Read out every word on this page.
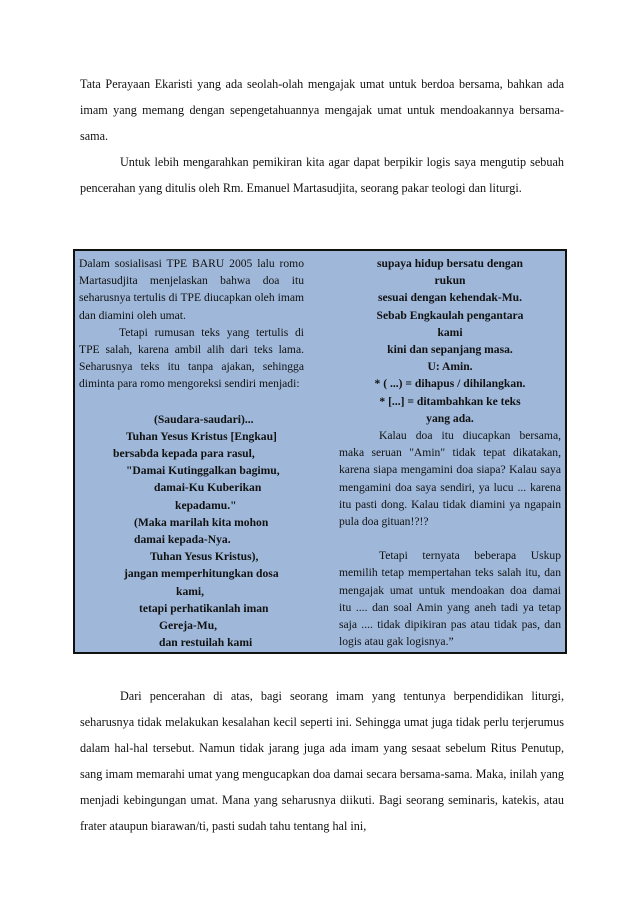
Tata Perayaan Ekaristi yang ada seolah-olah mengajak umat untuk berdoa bersama, bahkan ada imam yang memang dengan sepengetahuannya mengajak umat untuk mendoakannya bersama-sama.

Untuk lebih mengarahkan pemikiran kita agar dapat berpikir logis saya mengutip sebuah pencerahan yang ditulis oleh Rm. Emanuel Martasudjita, seorang pakar teologi dan liturgi.

Dalam sosialisasi TPE BARU 2005 lalu romo Martasudjita menjelaskan bahwa doa itu seharusnya tertulis di TPE diucapkan oleh imam dan diamini oleh umat.

Tetapi rumusan teks yang tertulis di TPE salah, karena ambil alih dari teks lama. Seharusnya teks itu tanpa ajakan, sehingga diminta para romo mengoreksi sendiri menjadi:

(Saudara-saudari)...
Tuhan Yesus Kristus [Engkau]
bersabda kepada para rasul,
"Damai Kutinggalkan bagimu,
damai-Ku Kuberikan
kepadamu."
(Maka marilah kita mohon
damai kepada-Nya.
Tuhan Yesus Kristus),
jangan memperhitungkan dosa
kami,
tetapi perhatikanlah iman
Gereja-Mu,
dan restuilah kami
supaya hidup bersatu dengan
rukun
sesuai dengan kehendak-Mu.
Sebab Engkaulah pengantara
kami
kini dan sepanjang masa.
U: Amin.
* ( ...) = dihapus / dihilangkan.
* [...] = ditambahkan ke teks
yang ada.

Kalau doa itu diucapkan bersama, maka seruan "Amin" tidak tepat dikatakan, karena siapa mengamini doa siapa? Kalau saya mengamini doa saya sendiri, ya lucu ... karena itu pasti dong. Kalau tidak diamini ya ngapain pula doa gituan!?!?

Tetapi ternyata beberapa Uskup memilih tetap mempertahan teks salah itu, dan mengajak umat untuk mendoakan doa damai itu .... dan soal Amin yang aneh tadi ya tetap saja .... tidak dipikiran pas atau tidak pas, dan logis atau gak logisnya.”

Dari pencerahan di atas, bagi seorang imam yang tentunya berpendidikan liturgi, seharusnya tidak melakukan kesalahan kecil seperti ini. Sehingga umat juga tidak perlu terjerumus dalam hal-hal tersebut. Namun tidak jarang juga ada imam yang sesaat sebelum Ritus Penutup, sang imam memarahi umat yang mengucapkan doa damai secara bersama-sama. Maka, inilah yang menjadi kebingungan umat. Mana yang seharusnya diikuti. Bagi seorang seminaris, katekis, atau frater ataupun biarawan/ti, pasti sudah tahu tentang hal ini,
